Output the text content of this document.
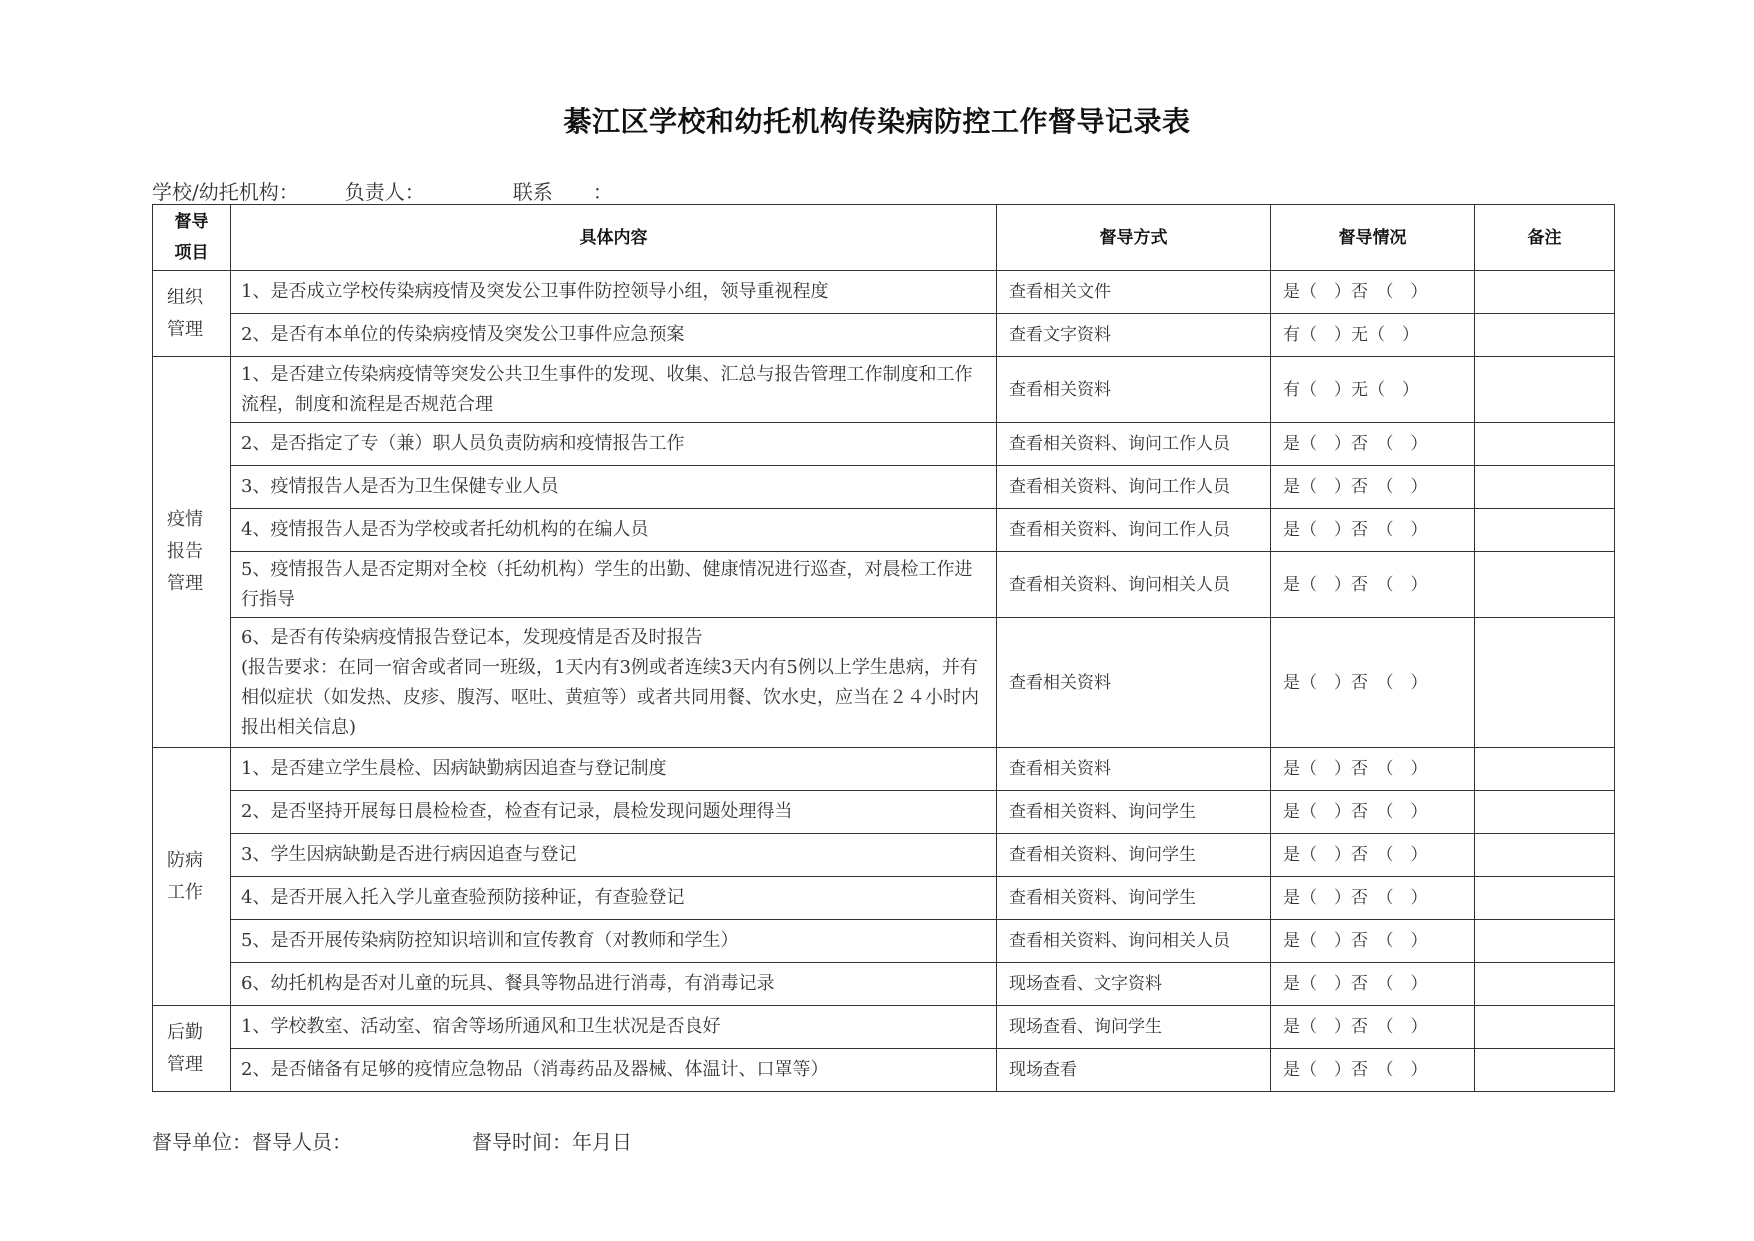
綦江区学校和幼托机构传染病防控工作督导记录表
学校/幼托机构： 负责人：	联系　　：
督导
项目	具体内容	督导方式	督导情况	备注

组织
管理	1、是否成立学校传染病疫情及突发公卫事件防控领导小组，领导重视程度	查看相关文件	是（　）否　（　）	
	2、是否有本单位的传染病疫情及突发公卫事件应急预案	查看文字资料	有（　）无（　）	

疫情
报告
管理	1、是否建立传染病疫情等突发公共卫生事件的发现、收集、汇总与报告管理工作制度和工作流程，制度和流程是否规范合理	查看相关资料	有（　）无（　）	
	2、是否指定了专（兼）职人员负责防病和疫情报告工作	查看相关资料、询问工作人员	是（　）否　（　）	
	3、疫情报告人是否为卫生保健专业人员	查看相关资料、询问工作人员	是（　）否　（　）	
	4、疫情报告人是否为学校或者托幼机构的在编人员	查看相关资料、询问工作人员	是（　）否　（　）	
	5、疫情报告人是否定期对全校（托幼机构）学生的出勤、健康情况进行巡查，对晨检工作进行指导	查看相关资料、询问相关人员	是（　）否　（　）	

	6、是否有传染病疫情报告登记本，发现疫情是否及时报告
(报告要求：在同一宿舍或者同一班级，1天内有3例或者连续3天内有5例以上学生患病，并有相似症状（如发热、皮疹、腹泻、呕吐、黄疸等）或者共同用餐、饮水史，应当在２４小时内报出相关信息)	查看相关资料	是（　）否　（　）	

防病
工作	1、是否建立学生晨检、因病缺勤病因追查与登记制度	查看相关资料	是（　）否　（　）	
	2、是否坚持开展每日晨检检查，检查有记录，晨检发现问题处理得当	查看相关资料、询问学生	是（　）否　（　）	
	3、学生因病缺勤是否进行病因追查与登记	查看相关资料、询问学生	是（　）否　（　）	
	4、是否开展入托入学儿童查验预防接种证，有查验登记	查看相关资料、询问学生	是（　）否　（　）	
	5、是否开展传染病防控知识培训和宣传教育（对教师和学生）	查看相关资料、询问相关人员	是（　）否　（　）	
	6、幼托机构是否对儿童的玩具、餐具等物品进行消毒，有消毒记录	现场查看、文字资料	是（　）否　（　）	

后勤
管理	1、学校教室、活动室、宿舍等场所通风和卫生状况是否良好	现场查看、询问学生	是（　）否　（　）	
	2、是否储备有足够的疫情应急物品（消毒药品及器械、体温计、口罩等）	现场查看	是（　）否　（　）	
督导单位：督导人员：	督导时间：年月日
